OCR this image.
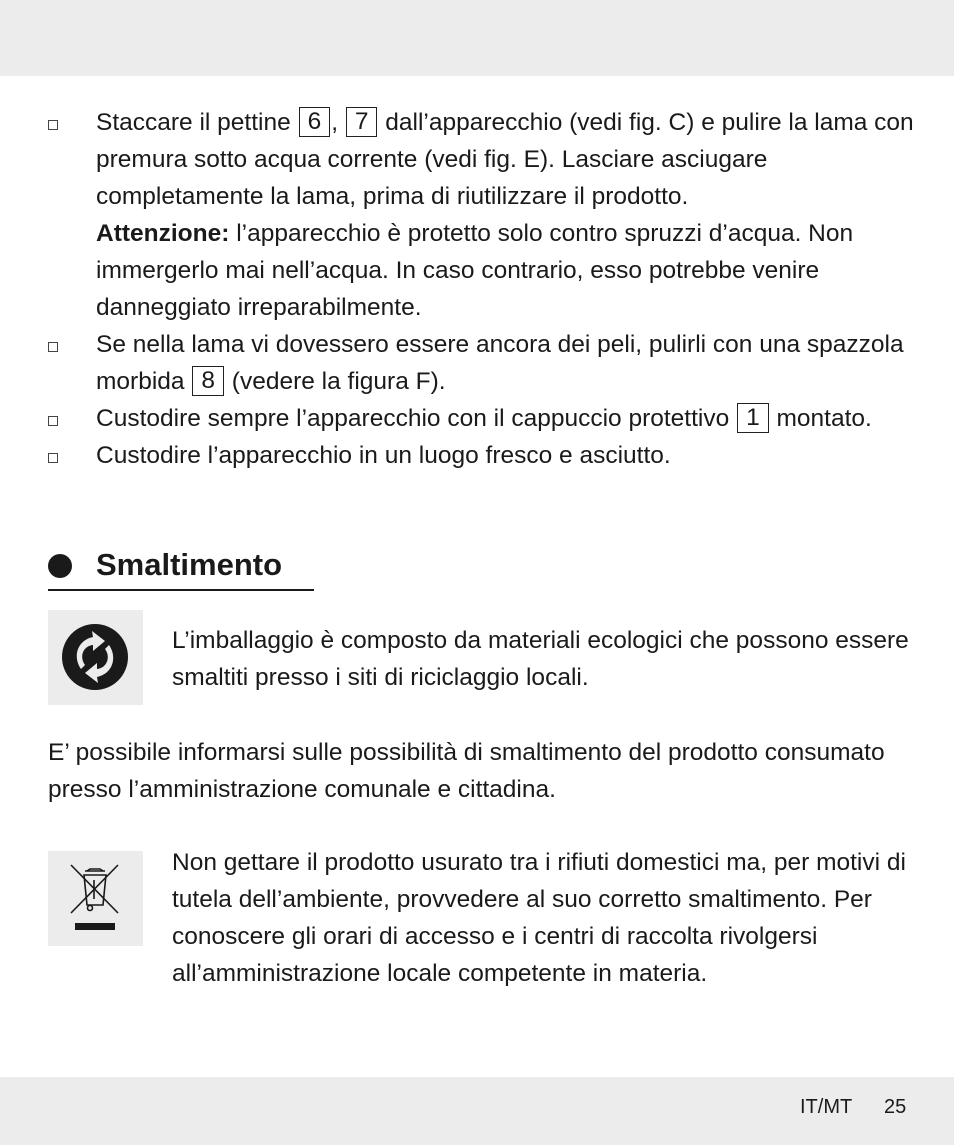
Staccare il pettine 6 , 7 dall’apparecchio (vedi fig. C) e pulire la lama con premura sotto acqua corrente (vedi fig. E). Lasciare asciugare completamente la lama, prima di riutilizzare il prodotto.
Attenzione: l’apparecchio è protetto solo contro spruzzi d’acqua. Non immergerlo mai nell’acqua. In caso contrario, esso potrebbe venire danneggiato irreparabilmente.
Se nella lama vi dovessero essere ancora dei peli, pulirli con una spazzola morbida 8 (vedere la figura F).
Custodire sempre l’apparecchio con il cappuccio protettivo 1 montato.
Custodire l’apparecchio in un luogo fresco e asciutto.
Smaltimento
L’imballaggio è composto da materiali ecologici che possono essere smaltiti presso i siti di riciclaggio locali.
E’ possibile informarsi sulle possibilità di smaltimento del prodotto consumato presso l’amministrazione comunale e cittadina.
Non gettare il prodotto usurato tra i rifiuti domestici ma, per motivi di tutela dell’ambiente, provvedere al suo corretto smaltimento. Per conoscere gli orari di accesso e i centri di raccolta rivolgersi all’amministrazione locale competente in materia.
IT/MT 25
